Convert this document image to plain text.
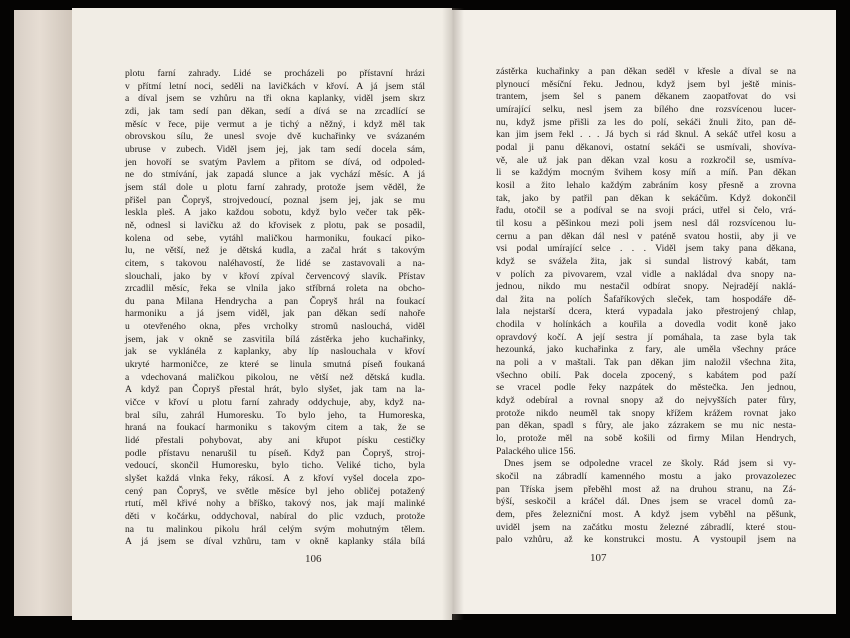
plotu farní zahrady. Lidé se procházeli po přístavní hrázi
v přítmí letní noci, seděli na lavičkách v křoví. A já jsem stál
a díval jsem se vzhůru na tři okna kaplanky, viděl jsem skrz
zdi, jak tam sedí pan děkan, sedí a dívá se na zrcadlící se
měsíc v řece, pije vermut a je tichý a něžný, i když měl tak
obrovskou sílu, že unesl svoje dvě kuchařinky ve svázaném
ubruse v zubech. Viděl jsem jej, jak tam sedí docela sám,
jen hovoří se svatým Pavlem a přitom se dívá, od odpoled-
ne do stmívání, jak zapadá slunce a jak vychází měsíc. A já
jsem stál dole u plotu farní zahrady, protože jsem věděl, že
přišel pan Čopryš, strojvedoucí, poznal jsem jej, jak se mu
leskla pleš. A jako každou sobotu, když bylo večer tak pěk-
ně, odnesl si lavičku až do křovisek z plotu, pak se posadil,
kolena od sebe, vytáhl maličkou harmoniku, foukací piko-
lu, ne větší, než je dětská kudla, a začal hrát s takovým
citem, s takovou naléhavostí, že lidé se zastavovali a na-
slouchali, jako by v křoví zpíval červencový slavík. Přístav
zrcadlil měsíc, řeka se vlnila jako stříbrná roleta na obcho-
du pana Milana Hendrycha a pan Čopryš hrál na foukací
harmoniku a já jsem viděl, jak pan děkan sedí nahoře
u otevřeného okna, přes vrcholky stromů naslouchá, viděl
jsem, jak v okně se zasvitila bílá zástěrka jeho kuchařinky,
jak se vyklánéla z kaplanky, aby líp naslouchala v křoví
ukryté harmoničce, ze které se linula smutná píseň foukaná
a vdechovaná maličkou pikolou, ne větší než dětská kudla.
A když pan Čopryš přestal hrát, bylo slyšet, jak tam na la-
vičce v křoví u plotu farní zahrady oddychuje, aby, když na-
bral sílu, zahrál Humoresku. To bylo jeho, ta Humoreska,
hraná na foukací harmoniku s takovým citem a tak, že se
lidé přestali pohybovat, aby ani křupot písku cestičky
podle přístavu nenarušil tu píseň. Když pan Čopryš, stroj-
vedoucí, skončil Humoresku, bylo ticho. Veliké ticho, byla
slyšet každá vlnka řeky, rákosí. A z křoví vyšel docela zpo-
cený pan Čopryš, ve světle měsíce byl jeho obličej potažený
rtutí, měl křivé nohy a bříško, takový nos, jak mají malinké
děti v kočárku, oddychoval, nabíral do plic vzduch, protože
na tu malinkou pikolu hrál celým svým mohutným tělem.
A já jsem se díval vzhůru, tam v okně kaplanky stála bílá
106
zástěrka kuchařinky a pan děkan seděl v křesle a díval se na
plynoucí měsíční řeku. Jednou, když jsem byl ještě minis-
trantem, jsem šel s panem děkanem zaopatřovat do vsi
umírající selku, nesl jsem za bílého dne rozsvícenou lucer-
nu, když jsme přišli za les do polí, sekáči žnuli žito, pan dě-
kan jim jsem řekl . . . Já bych si rád šknul. A sekáč utřel kosu a
podal ji panu děkanovi, ostatní sekáči se usmívali, shovíva-
vě, ale už jak pan děkan vzal kosu a rozkročil se, usmíva-
li se každým mocným švihem kosy míň a míň. Pan děkan
kosil a žito lehalo každým zabráním kosy přesně a zrovna
tak, jako by patřil pan děkan k sekáčům. Když dokončil
řadu, otočil se a podíval se na svoji práci, utřel si čelo, vrá-
til kosu a pěšinkou mezi poli jsem nesl dál rozsvícenou lu-
cernu a pan děkan dál nesl v paténě svatou hostii, aby ji ve
vsi podal umírající selce . . . Viděl jsem taky pana děkana,
když se svážela žita, jak si sundal listrový kabát, tam
v polích za pivovarem, vzal vidle a nakládal dva snopy na-
jednou, nikdo mu nestačil odbírat snopy. Nejradějí naklá-
dal žita na polích Šafaříkových sleček, tam hospodáře dě-
lala nejstarší dcera, která vypadala jako přestrojený chlap,
chodila v holínkách a kouřila a dovedla vodit koně jako
opravdový kočí. A její sestra jí pomáhala, ta zase byla tak
hezounká, jako kuchařinka z fary, ale uměla všechny práce
na poli a v maštali. Tak pan děkan jim naložil všechna žita,
všechno obilí. Pak docela zpocený, s kabátem pod paží
se vracel podle řeky nazpátek do městečka. Jen jednou,
když odebíral a rovnal snopy až do nejvyšších pater fůry,
protože nikdo neuměl tak snopy křížem krážem rovnat jako
pan děkan, spadl s fůry, ale jako zázrakem se mu nic nesta-
lo, protože měl na sobě košili od firmy Milan Hendrych,
Palackého ulice 156.
Dnes jsem se odpoledne vracel ze školy. Rád jsem si vy-
skočil na zábradlí kamenného mostu a jako provazolezec
pan Tříska jsem přeběhl most až na druhou stranu, na Zá-
býší, seskočil a kráčel dál. Dnes jsem se vracel domů za-
dem, přes železniční most. A když jsem vyběhl na pěšunk,
uviděl jsem na začátku mostu železné zábradlí, které stou-
palo vzhůru, až ke konstrukci mostu. A vystoupil jsem na
107
